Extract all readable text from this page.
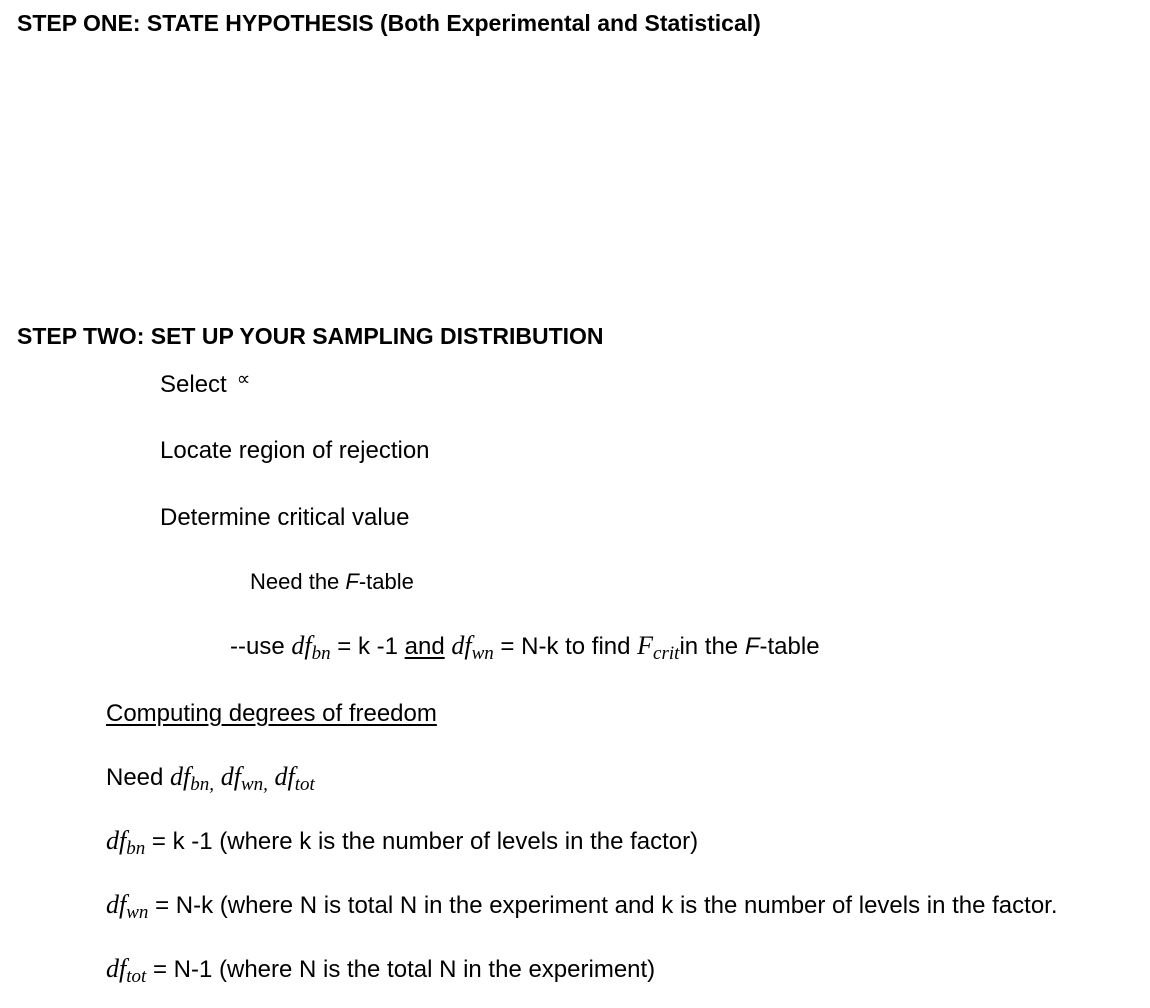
STEP ONE: STATE HYPOTHESIS (Both Experimental and Statistical)
STEP TWO: SET UP YOUR SAMPLING DISTRIBUTION
Select ∝
Locate region of rejection
Determine critical value
Need the F-table
--use $df_{bn} = k$ -1 and $df_{wn} = N-k$ to find $F_{crit}in$ the F-table
Computing degrees of freedom
Need $df_{bn,}$ $df_{wn,}$ $df_{tot}$
$df_{bn} = k$ -1 (where k is the number of levels in the factor)
$df_{wn} = N-k$ (where N is total N in the experiment and k is the number of levels in the factor.
$df_{tot} = N-1$ (where N is the total N in the experiment)
